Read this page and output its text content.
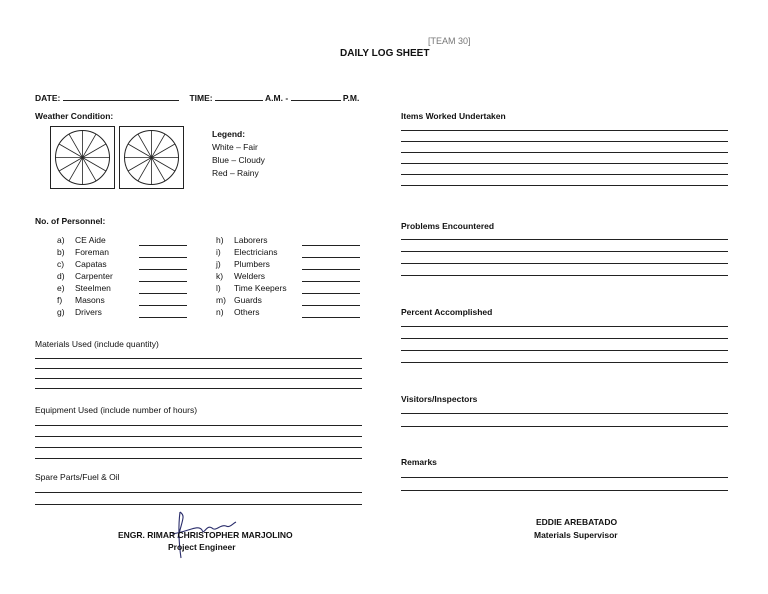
[TEAM 30]
DAILY LOG SHEET
DATE:	TIME:	A.M. -	P.M.
Weather Condition:
Legend:
White – Fair
Blue – Cloudy
Red – Rainy
No. of Personnel:
a) CE Aide
b) Foreman
c) Capatas
d) Carpenter
e) Steelmen
f) Masons
g) Drivers
h) Laborers
i) Electricians
j) Plumbers
k) Welders
l) Time Keepers
m) Guards
n) Others
Materials Used (include quantity)
Equipment Used (include number of hours)
Spare Parts/Fuel & Oil
Items Worked Undertaken
Problems Encountered
Percent Accomplished
Visitors/Inspectors
Remarks
ENGR. RIMAR CHRISTOPHER MARJOLINO
Project Engineer
EDDIE AREBATADO
Materials Supervisor
